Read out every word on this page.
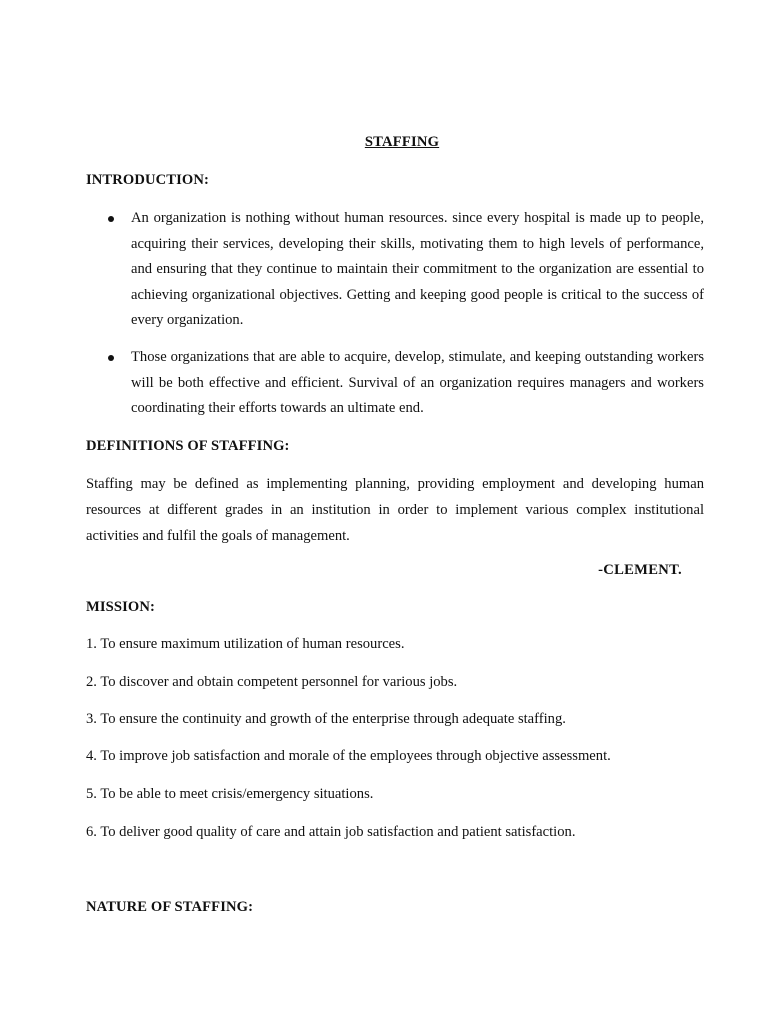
STAFFING
INTRODUCTION:
An organization is nothing without human resources. since every hospital is made up to people, acquiring their services, developing their skills, motivating them to high levels of performance, and ensuring that they continue to maintain their commitment to the organization are essential to achieving organizational objectives. Getting and keeping good people is critical to the success of every organization.
Those organizations that are able to acquire, develop, stimulate, and keeping outstanding workers will be both effective and efficient. Survival of an organization requires managers and workers coordinating their efforts towards an ultimate end.
DEFINITIONS OF STAFFING:

Staffing may be defined as implementing planning, providing employment and developing human resources at different grades in an institution in order to implement various complex institutional activities and fulfil the goals of management.

-CLEMENT.
MISSION:
1. To ensure maximum utilization of human resources.
2. To discover and obtain competent personnel for various jobs.
3. To ensure the continuity and growth of the enterprise through adequate staffing.
4. To improve job satisfaction and morale of the employees through objective assessment.
5. To be able to meet crisis/emergency situations.
6. To deliver good quality of care and attain job satisfaction and patient satisfaction.
NATURE OF STAFFING:
